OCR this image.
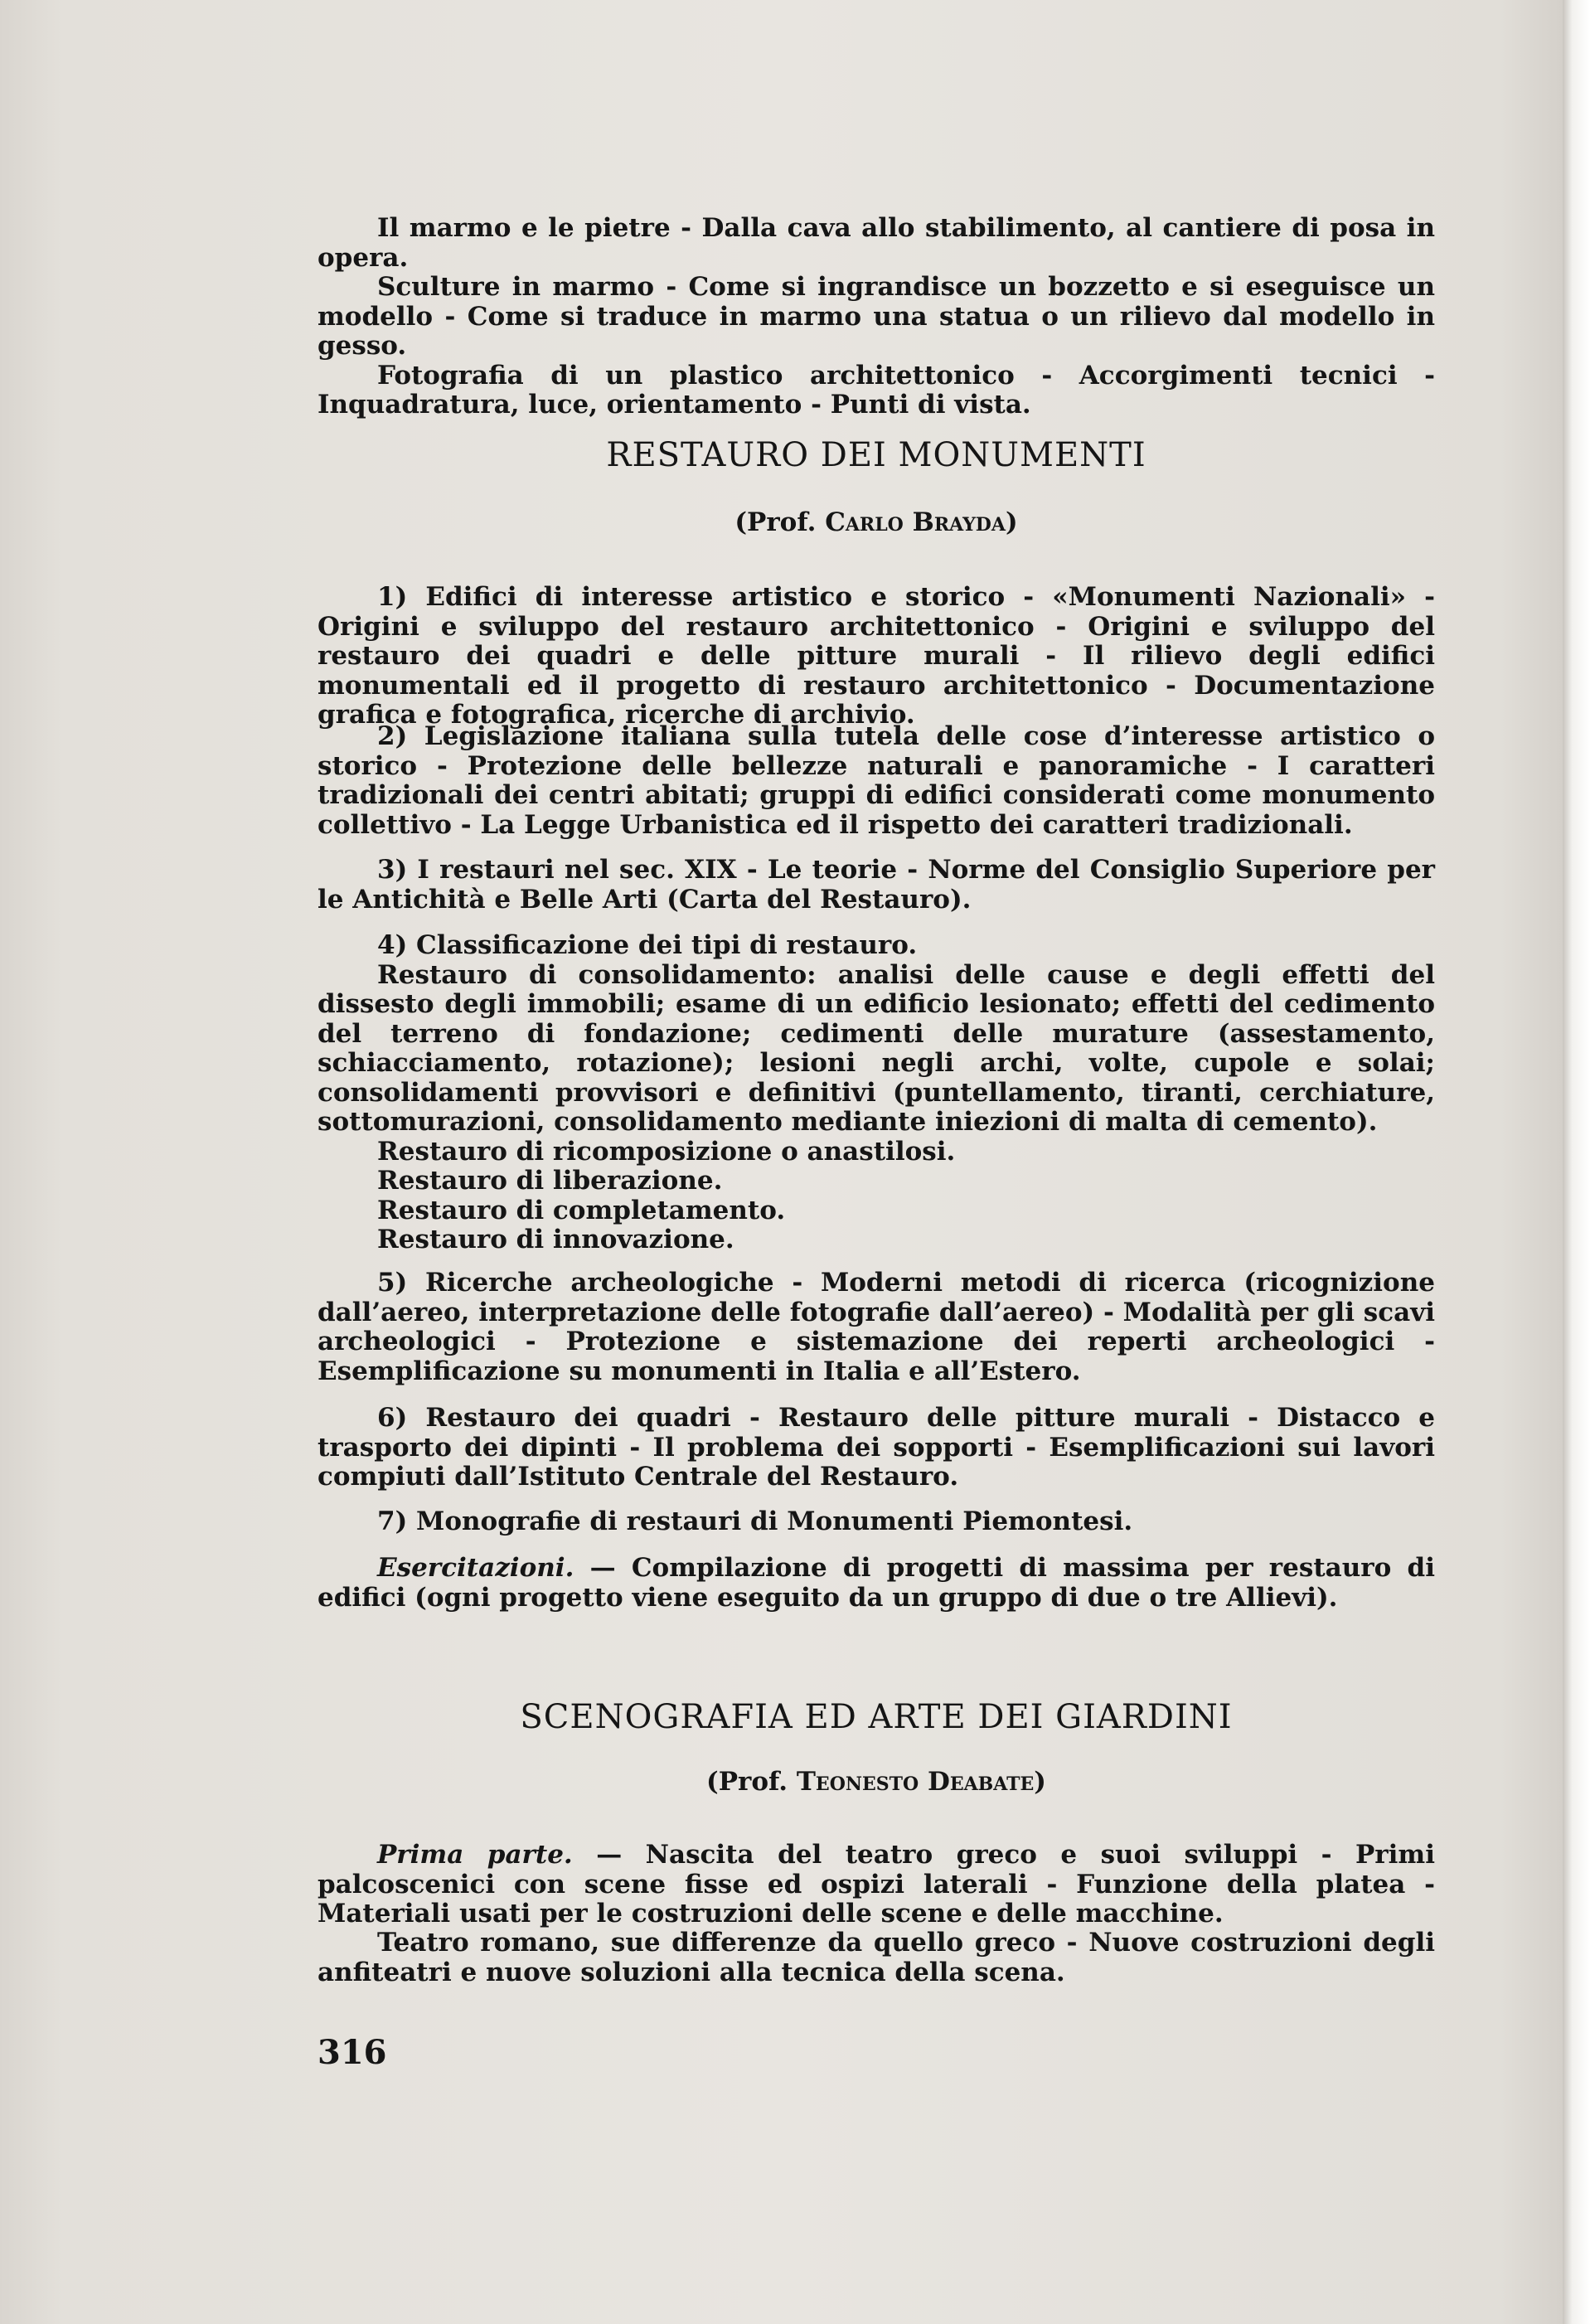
Il marmo e le pietre - Dalla cava allo stabilimento, al cantiere di posa in opera.

Sculture in marmo - Come si ingrandisce un bozzetto e si eseguisce un modello - Come si traduce in marmo una statua o un rilievo dal modello in gesso.

Fotografia di un plastico architettonico - Accorgimenti tecnici - Inquadratura, luce, orientamento - Punti di vista.

RESTAURO DEI MONUMENTI

(Prof. Carlo Brayda)

1) Edifici di interesse artistico e storico - «Monumenti Nazionali» - Origini e sviluppo del restauro architettonico - Origini e sviluppo del restauro dei quadri e delle pitture murali - Il rilievo degli edifici monumentali ed il progetto di restauro architettonico - Documentazione grafica e fotografica, ricerche di archivio.

2) Legislazione italiana sulla tutela delle cose d’interesse artistico o storico - Protezione delle bellezze naturali e panoramiche - I caratteri tradizionali dei centri abitati; gruppi di edifici considerati come monumento collettivo - La Legge Urbanistica ed il rispetto dei caratteri tradizionali.

3) I restauri nel sec. XIX - Le teorie - Norme del Consiglio Superiore per le Antichità e Belle Arti (Carta del Restauro).

4) Classificazione dei tipi di restauro.

Restauro di consolidamento: analisi delle cause e degli effetti del dissesto degli immobili; esame di un edificio lesionato; effetti del cedimento del terreno di fondazione; cedimenti delle murature (assestamento, schiacciamento, rotazione); lesioni negli archi, volte, cupole e solai; consolidamenti provvisori e definitivi (puntellamento, tiranti, cerchiature, sottomurazioni, consolidamento mediante iniezioni di malta di cemento).

Restauro di ricomposizione o anastilosi.

Restauro di liberazione.

Restauro di completamento.

Restauro di innovazione.

5) Ricerche archeologiche - Moderni metodi di ricerca (ricognizione dall’aereo, interpretazione delle fotografie dall’aereo) - Modalità per gli scavi archeologici - Protezione e sistemazione dei reperti archeologici - Esemplificazione su monumenti in Italia e all’Estero.

6) Restauro dei quadri - Restauro delle pitture murali - Distacco e trasporto dei dipinti - Il problema dei sopporti - Esemplificazioni sui lavori compiuti dall’Istituto Centrale del Restauro.

7) Monografie di restauri di Monumenti Piemontesi.

Esercitazioni. — Compilazione di progetti di massima per restauro di edifici (ogni progetto viene eseguito da un gruppo di due o tre Allievi).

SCENOGRAFIA ED ARTE DEI GIARDINI

(Prof. Teonesto Deabate)

Prima parte. — Nascita del teatro greco e suoi sviluppi - Primi palcoscenici con scene fisse ed ospizi laterali - Funzione della platea - Materiali usati per le costruzioni delle scene e delle macchine.

Teatro romano, sue differenze da quello greco - Nuove costruzioni degli anfiteatri e nuove soluzioni alla tecnica della scena.

316
